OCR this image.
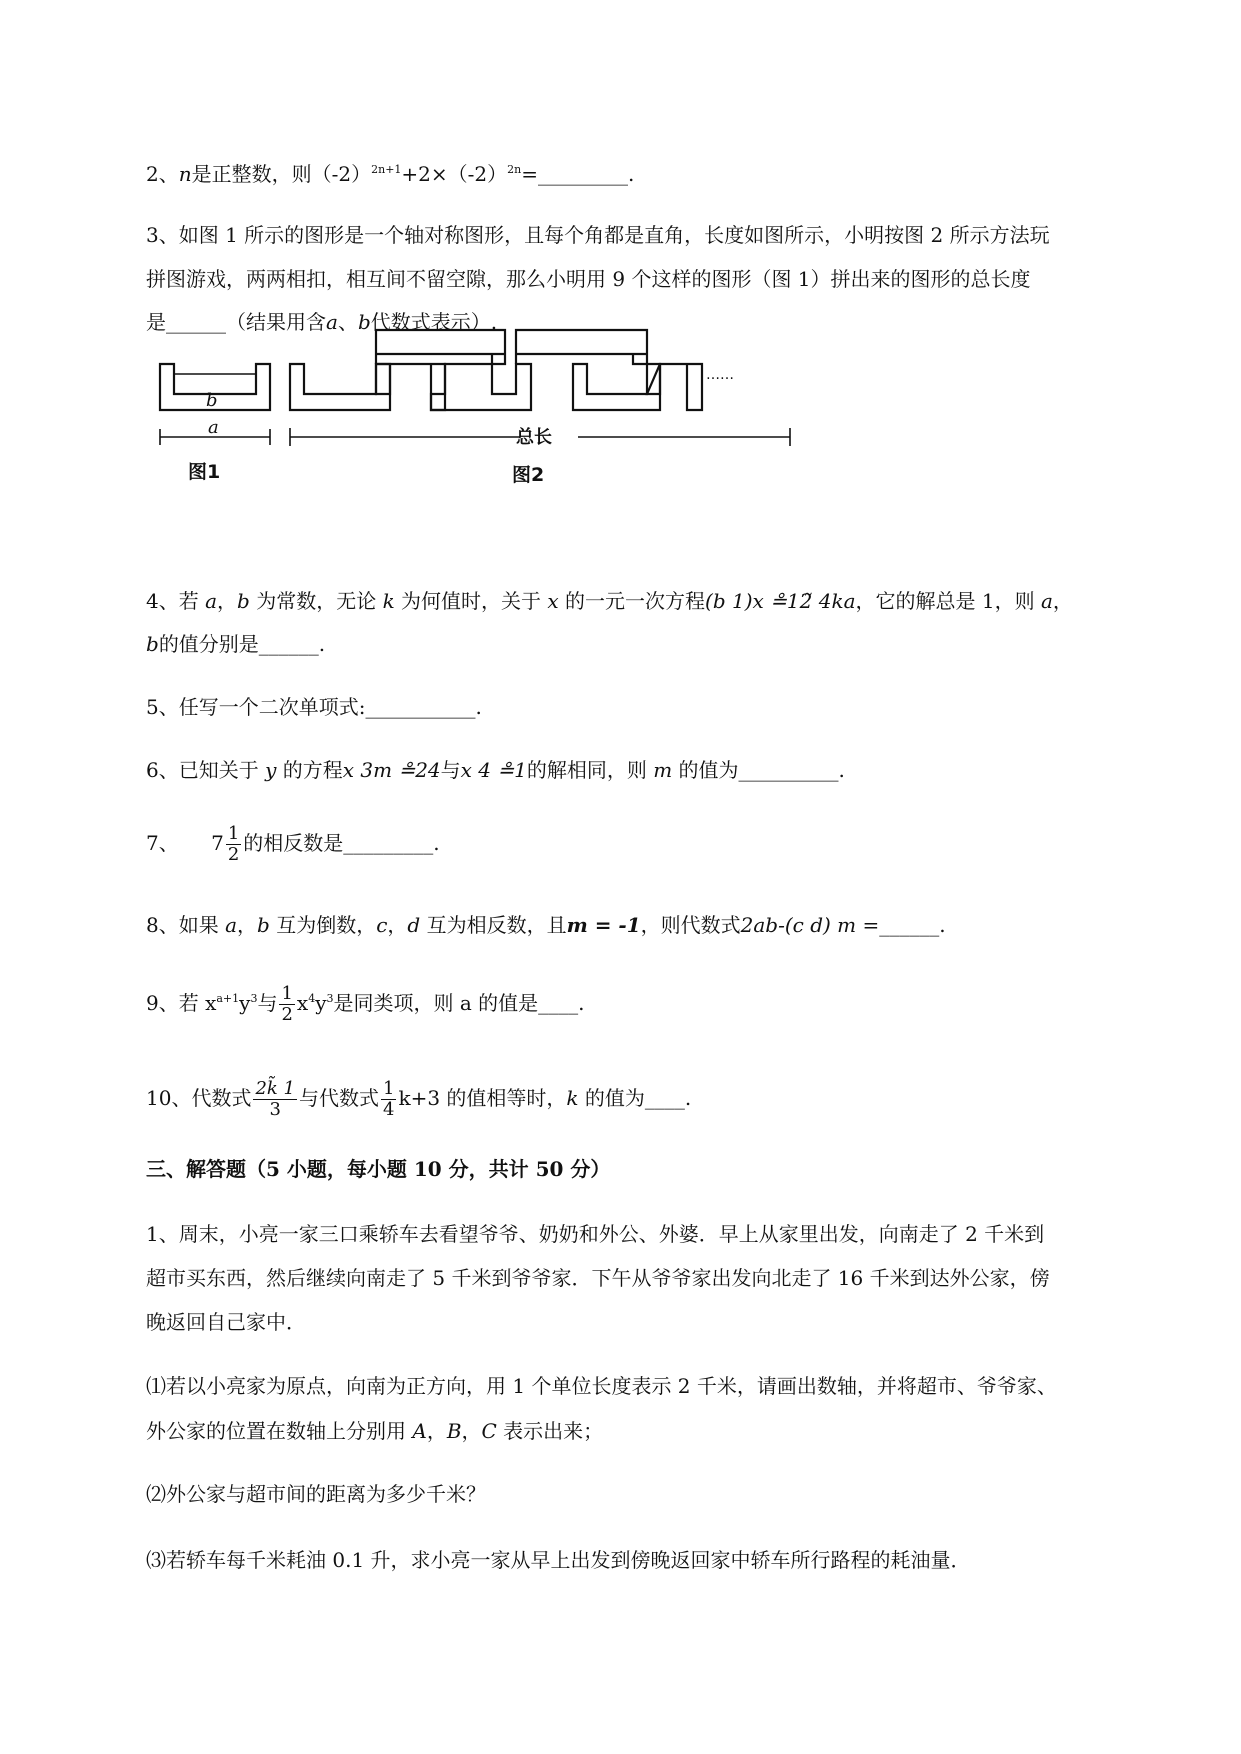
2、n是正整数，则$(-2)^{2n+1}+2\times(-2)^{2n}=\_\_\_\_\_\_\_\_\_$.
3、如图 1 所示的图形是一个轴对称图形，且每个角都是直角，长度如图所示，小明按图 2 所示方法玩
拼图游戏，两两相扣，相互间不留空隙，那么小明用 9 个这样的图形（图 1）拼出来的图形的总长度
是______（结果用含a、b代数式表示）.
b
a
图1
总长
图2
……
4、若 a，b 为常数，无论 k 为何值时，关于 x 的一元一次方程(b 1)x ≗12̃ 4ka，它的解总是 1，则 a，
b的值分别是______.
5、任写一个二次单项式:___________.
6、已知关于 y 的方程x 3m ≗24与x 4 ≗1的解相同，则 m 的值为__________.
7、 $7 \frac{1}{2}$ 的相反数是_________.
8、如果 a，b 互为倒数，c，d 互为相反数，且m = -1，则代数式2ab-(c d) m =______.
9、若 $x^{a+1}y^3$与 $\frac{1}{2} x^4y^3$是同类项，则 a 的值是____.
10、代数式 $\frac{2k̃ 1}{3}$ 与代数式 $\frac{1}{4} k+3$ 的值相等时，k 的值为____.
三、解答题（5 小题，每小题 10 分，共计 50 分）
1、周末，小亮一家三口乘轿车去看望爷爷、奶奶和外公、外婆．早上从家里出发，向南走了 2 千米到
超市买东西，然后继续向南走了 5 千米到爷爷家．下午从爷爷家出发向北走了 16 千米到达外公家，傍
晚返回自己家中．
⑴若以小亮家为原点，向南为正方向，用 1 个单位长度表示 2 千米，请画出数轴，并将超市、爷爷家、
外公家的位置在数轴上分别用 A，B，C 表示出来；
⑵外公家与超市间的距离为多少千米？
⑶若轿车每千米耗油 0.1 升，求小亮一家从早上出发到傍晚返回家中轿车所行路程的耗油量．
